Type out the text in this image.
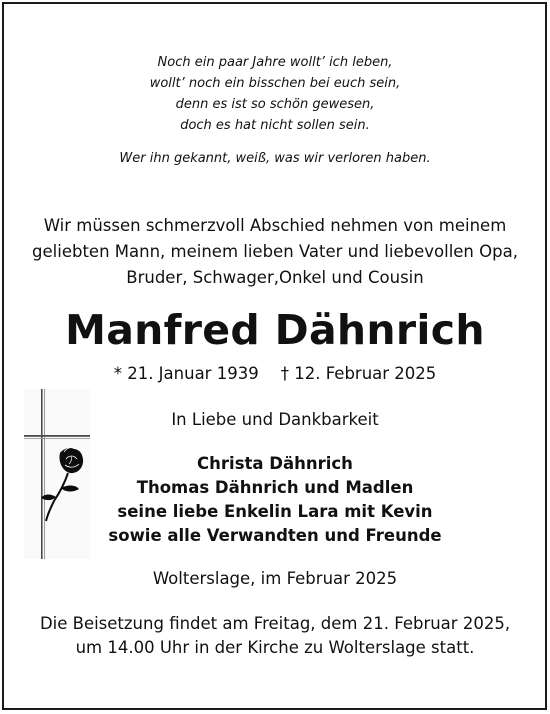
Noch ein paar Jahre wollt’ ich leben,
wollt’ noch ein bisschen bei euch sein,
denn es ist so schön gewesen,
doch es hat nicht sollen sein.
Wer ihn gekannt, weiß, was wir verloren haben.
Wir müssen schmerzvoll Abschied nehmen von meinem
geliebten Mann, meinem lieben Vater und liebevollen Opa,
Bruder, Schwager,Onkel und Cousin
Manfred Dähnrich
* 21. Januar 1939 † 12. Februar 2025
In Liebe und Dankbarkeit
Christa Dähnrich
Thomas Dähnrich und Madlen
seine liebe Enkelin Lara mit Kevin
sowie alle Verwandten und Freunde
Wolterslage, im Februar 2025
Die Beisetzung findet am Freitag, dem 21. Februar 2025,
um 14.00 Uhr in der Kirche zu Wolterslage statt.
